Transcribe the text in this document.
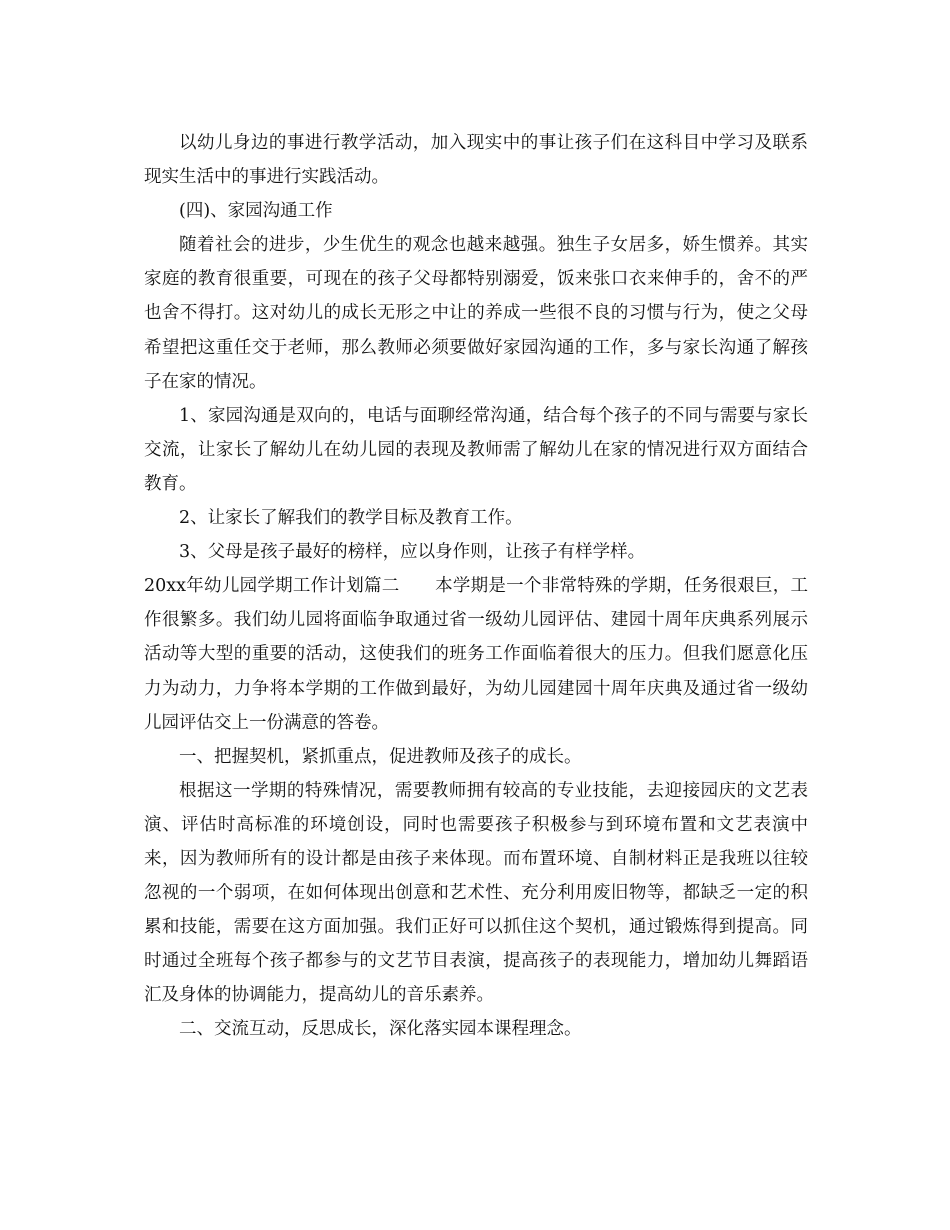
以幼儿身边的事进行教学活动，加入现实中的事让孩子们在这科目中学习及联系现实生活中的事进行实践活动。

(四)、家园沟通工作

随着社会的进步，少生优生的观念也越来越强。独生子女居多，娇生惯养。其实家庭的教育很重要，可现在的孩子父母都特别溺爱，饭来张口衣来伸手的，舍不的严也舍不得打。这对幼儿的成长无形之中让的养成一些很不良的习惯与行为，使之父母希望把这重任交于老师，那么教师必须要做好家园沟通的工作，多与家长沟通了解孩子在家的情况。

1、家园沟通是双向的，电话与面聊经常沟通，结合每个孩子的不同与需要与家长交流，让家长了解幼儿在幼儿园的表现及教师需了解幼儿在家的情况进行双方面结合教育。

2、让家长了解我们的教学目标及教育工作。

3、父母是孩子最好的榜样，应以身作则，让孩子有样学样。

20xx年幼儿园学期工作计划篇二　　本学期是一个非常特殊的学期，任务很艰巨，工作很繁多。我们幼儿园将面临争取通过省一级幼儿园评估、建园十周年庆典系列展示活动等大型的重要的活动，这使我们的班务工作面临着很大的压力。但我们愿意化压力为动力，力争将本学期的工作做到最好，为幼儿园建园十周年庆典及通过省一级幼儿园评估交上一份满意的答卷。

一、把握契机，紧抓重点，促进教师及孩子的成长。

根据这一学期的特殊情况，需要教师拥有较高的专业技能，去迎接园庆的文艺表演、评估时高标准的环境创设，同时也需要孩子积极参与到环境布置和文艺表演中来，因为教师所有的设计都是由孩子来体现。而布置环境、自制材料正是我班以往较忽视的一个弱项，在如何体现出创意和艺术性、充分利用废旧物等，都缺乏一定的积累和技能，需要在这方面加强。我们正好可以抓住这个契机，通过锻炼得到提高。同时通过全班每个孩子都参与的文艺节目表演，提高孩子的表现能力，增加幼儿舞蹈语汇及身体的协调能力，提高幼儿的音乐素养。

二、交流互动，反思成长，深化落实园本课程理念。
